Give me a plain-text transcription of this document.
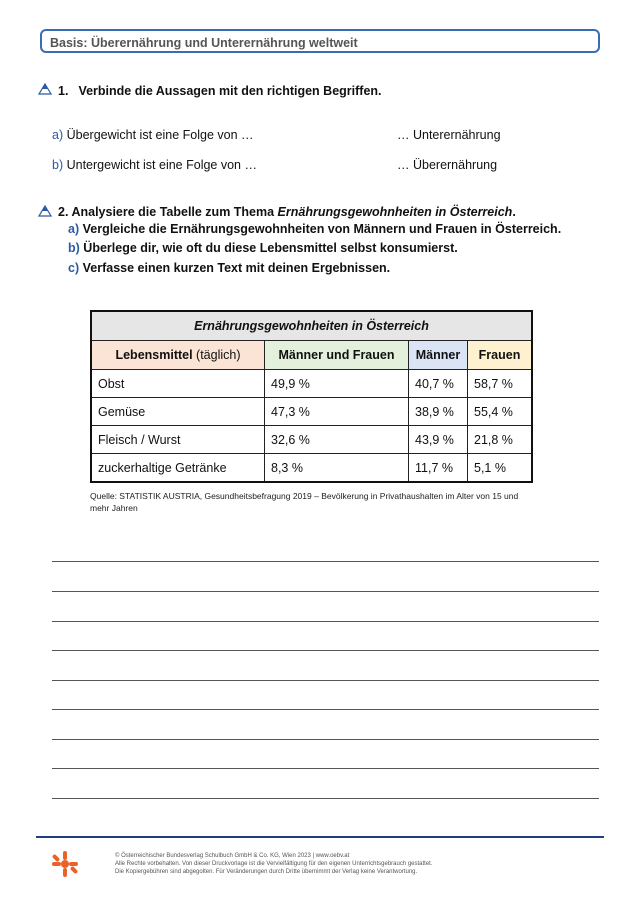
Basis: Überernährung und Unterernährung weltweit
1. Verbinde die Aussagen mit den richtigen Begriffen.
a) Übergewicht ist eine Folge von …	… Unterernährung
b) Untergewicht ist eine Folge von …	… Überernährung
2. Analysiere die Tabelle zum Thema Ernährungsgewohnheiten in Österreich.
a) Vergleiche die Ernährungsgewohnheiten von Männern und Frauen in Österreich.
b) Überlege dir, wie oft du diese Lebensmittel selbst konsumierst.
c) Verfasse einen kurzen Text mit deinen Ergebnissen.
Ernährungsgewohnheiten in Österreich			
Lebensmittel (täglich)	Männer und Frauen	Männer	Frauen
Obst	49,9 %	40,7 %	58,7 %
Gemüse	47,3 %	38,9 %	55,4 %
Fleisch / Wurst	32,6 %	43,9 %	21,8 %
zuckerhaltige Getränke	8,3 %	11,7 %	5,1 %
Quelle: STATISTIK AUSTRIA, Gesundheitsbefragung 2019 – Bevölkerung in Privathaushalten im Alter von 15 und mehr Jahren
© Österreichischer Bundesverlag Schulbuch GmbH & Co. KG, Wien 2023 | www.oebv.at
Alle Rechte vorbehalten. Von dieser Druckvorlage ist die Vervielfältigung für den eigenen Unterrichtsgebrauch gestattet.
Die Kopiergebühren sind abgegolten. Für Veränderungen durch Dritte übernimmt der Verlag keine Verantwortung.
